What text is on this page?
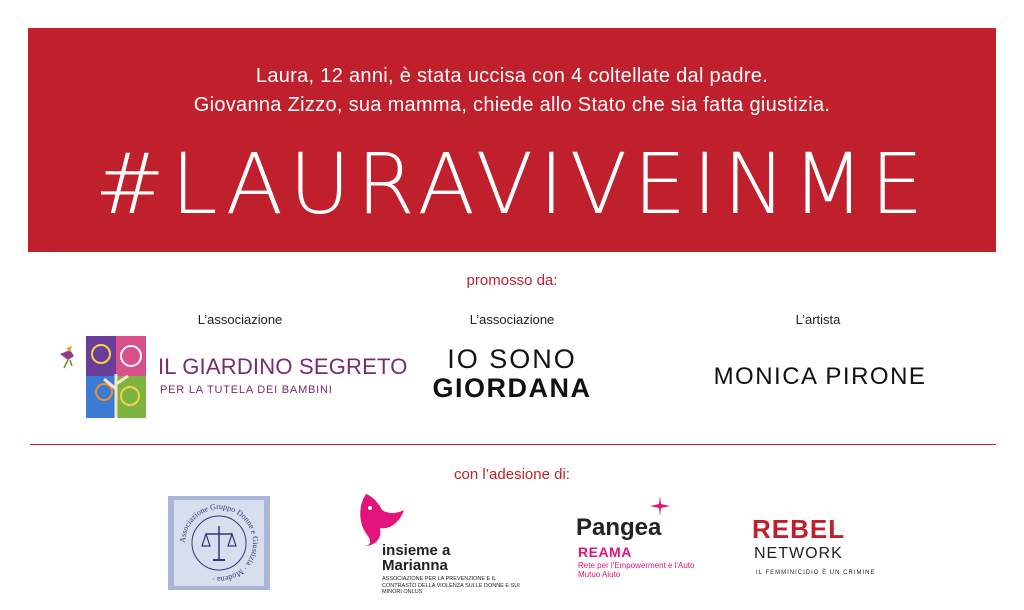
Laura, 12 anni, è stata uccisa con 4 coltellate dal padre.
Giovanna Zizzo, sua mamma, chiede allo Stato che sia fatta giustizia.
#LAURAVIVEINME
promosso da:
L’associazione	L’associazione	L’artista
IL GIARDINO SEGRETO
PER LA TUTELA DEI BAMBINI
IO SONO
GIORDANA	MONICA PIRONE
con l’adesione di:
Associazione Gruppo Donne e Giustizia · Modena ·
insieme a
Marianna
ASSOCIAZIONE PER LA PREVENZIONE E IL CONTRASTO DELLA VIOLENZA SULLE DONNE E SUI MINORI ONLUS
Pangea
REAMA
Rete per l'Empowerment e l'Auto Mutuo Aiuto
REBEL
NETWORK
IL FEMMINICIDIO È UN CRIMINE
